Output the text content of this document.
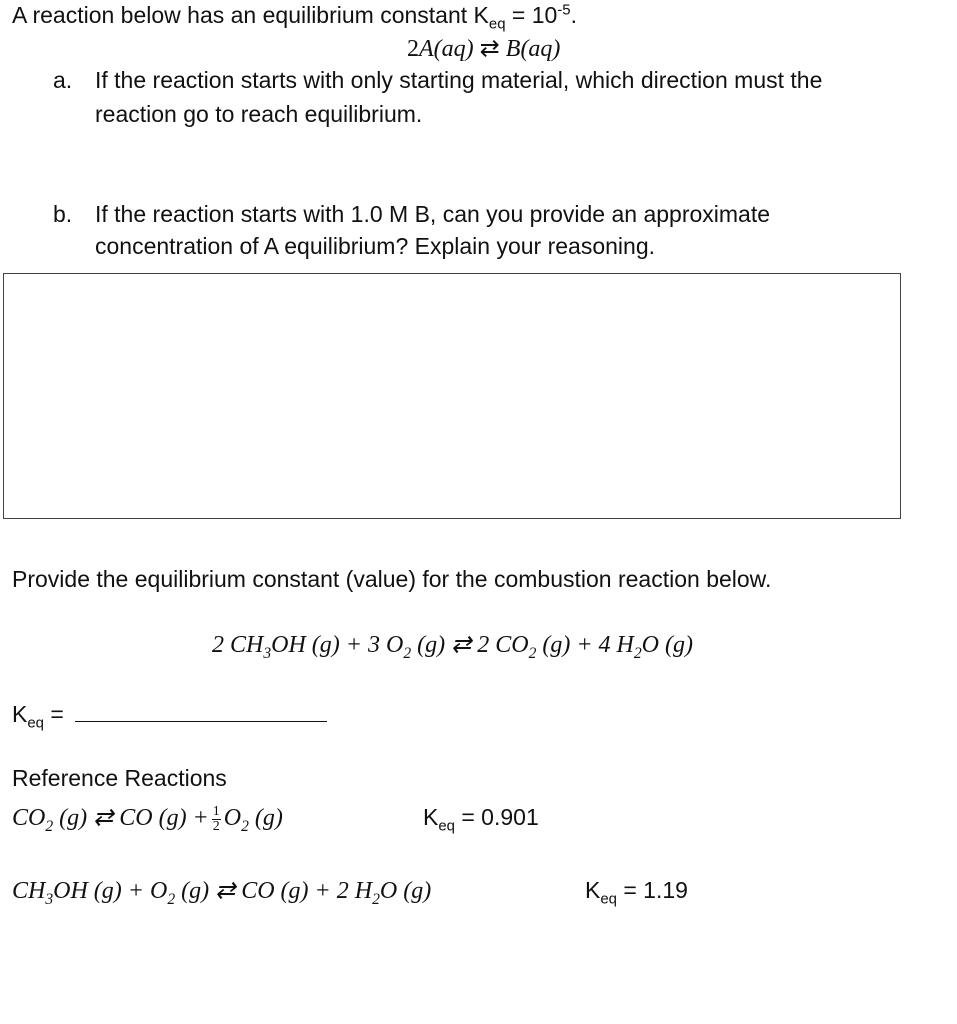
A reaction below has an equilibrium constant $K_{eq} = 10^{-5}$.
2A(aq) ⇄ B(aq)
a. If the reaction starts with only starting material, which direction must the
reaction go to reach equilibrium.
b. If the reaction starts with 1.0 M B, can you provide an approximate
concentration of A equilibrium? Explain your reasoning.
Provide the equilibrium constant (value) for the combustion reaction below.
2 $CH_3OH$ (g) + 3 $O_2$ (g) ⇄ 2 $CO_2$ (g) + 4 $H_2O$ (g)
$K_{eq}$ =
Reference Reactions
$CO_2$ (g) ⇄ CO $(g) + \frac{1}{2} O_2$ (g)	$K_{eq} = 0.901$
$CH_3OH$ $(g) + O_2$ (g) ⇄ CO (g) + 2 $H_2O$ (g)	$K_{eq} = 1.19$
